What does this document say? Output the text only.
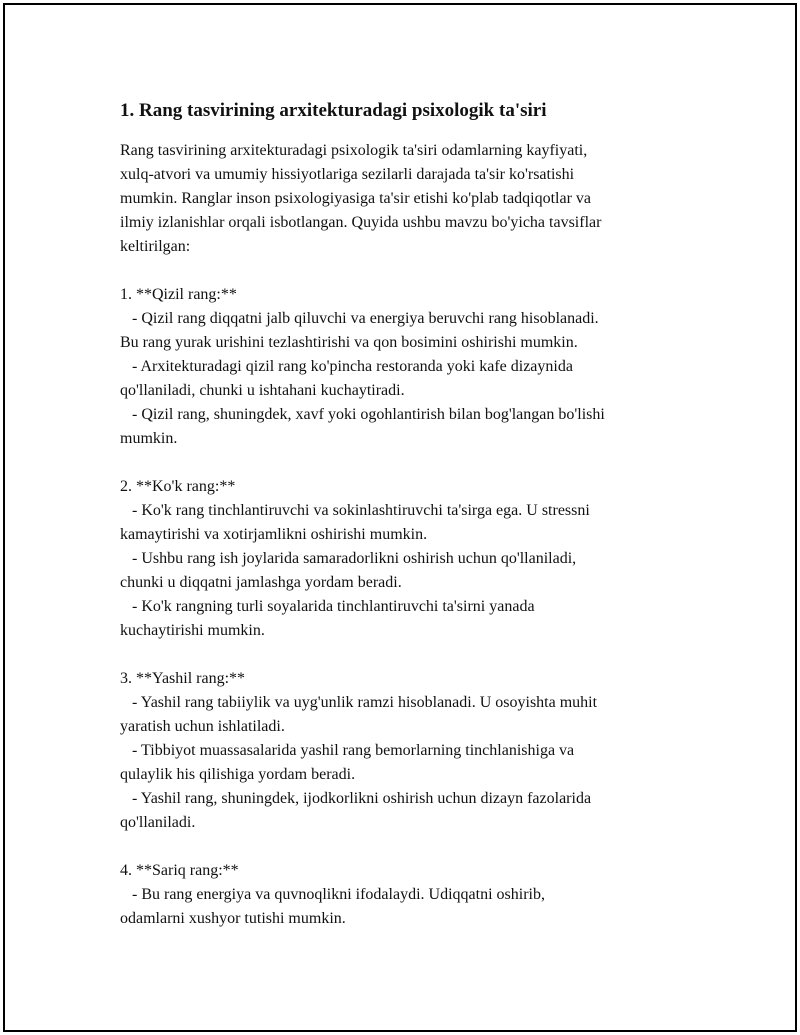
1. Rang tasvirining arxitekturadagi psixologik ta'siri

Rang tasvirining arxitekturadagi psixologik ta'siri odamlarning kayfiyati,
xulq-atvori va umumiy hissiyotlariga sezilarli darajada ta'sir ko'rsatishi
mumkin. Ranglar inson psixologiyasiga ta'sir etishi ko'plab tadqiqotlar va
ilmiy izlanishlar orqali isbotlangan. Quyida ushbu mavzu bo'yicha tavsiflar
keltirilgan:

1. **Qizil rang:**
- Qizil rang diqqatni jalb qiluvchi va energiya beruvchi rang hisoblanadi.
Bu rang yurak urishini tezlashtirishi va qon bosimini oshirishi mumkin.
- Arxitekturadagi qizil rang ko'pincha restoranda yoki kafe dizaynida
qo'llaniladi, chunki u ishtahani kuchaytiradi.
- Qizil rang, shuningdek, xavf yoki ogohlantirish bilan bog'langan bo'lishi
mumkin.

2. **Ko'k rang:**
- Ko'k rang tinchlantiruvchi va sokinlashtiruvchi ta'sirga ega. U stressni
kamaytirishi va xotirjamlikni oshirishi mumkin.
- Ushbu rang ish joylarida samaradorlikni oshirish uchun qo'llaniladi,
chunki u diqqatni jamlashga yordam beradi.
- Ko'k rangning turli soyalarida tinchlantiruvchi ta'sirni yanada
kuchaytirishi mumkin.

3. **Yashil rang:**
- Yashil rang tabiiylik va uyg'unlik ramzi hisoblanadi. U osoyishta muhit
yaratish uchun ishlatiladi.
- Tibbiyot muassasalarida yashil rang bemorlarning tinchlanishiga va
qulaylik his qilishiga yordam beradi.
- Yashil rang, shuningdek, ijodkorlikni oshirish uchun dizayn fazolarida
qo'llaniladi.

4. **Sariq rang:**
- Bu rang energiya va quvnoqlikni ifodalaydi. Udiqqatni oshirib,
odamlarni xushyor tutishi mumkin.
